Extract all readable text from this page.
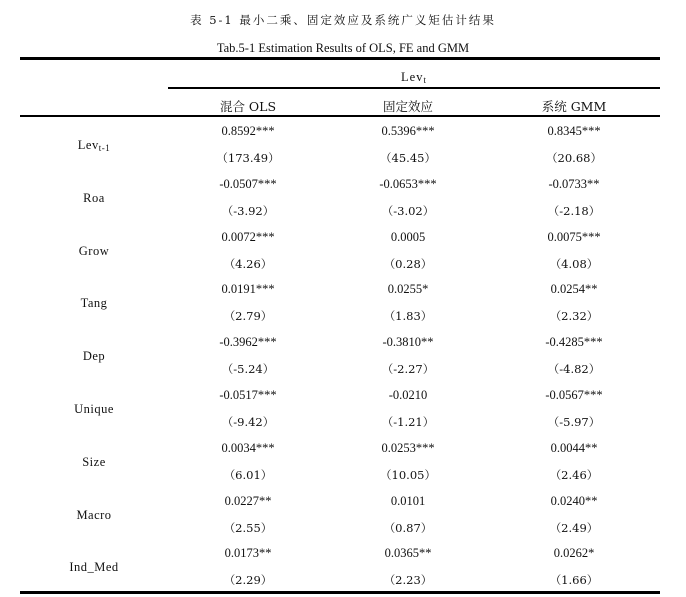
表 5-1 最小二乘、固定效应及系统广义矩估计结果
Tab.5-1 Estimation Results of OLS, FE and GMM
Lev$_t$
混合 OLS	固定效应	系统 GMM
Lev$_{t-1}$
0.8592***
（173.49）
0.5396***
（45.45）
0.8345***
（20.68）
Roa
-0.0507***
（-3.92）
-0.0653***
（-3.02）
-0.0733**
（-2.18）
Grow
0.0072***
（4.26）
0.0005
（0.28）
0.0075***
（4.08）
Tang
0.0191***
（2.79）
0.0255*
（1.83）
0.0254**
（2.32）
Dep
-0.3962***
（-5.24）
-0.3810**
（-2.27）
-0.4285***
（-4.82）
Unique
-0.0517***
（-9.42）
-0.0210
（-1.21）
-0.0567***
（-5.97）
Size
0.0034***
（6.01）
0.0253***
（10.05）
0.0044**
（2.46）
Macro
0.0227**
（2.55）
0.0101
（0.87）
0.0240**
（2.49）
Ind_Med
0.0173**
（2.29）
0.0365**
（2.23）
0.0262*
（1.66）
